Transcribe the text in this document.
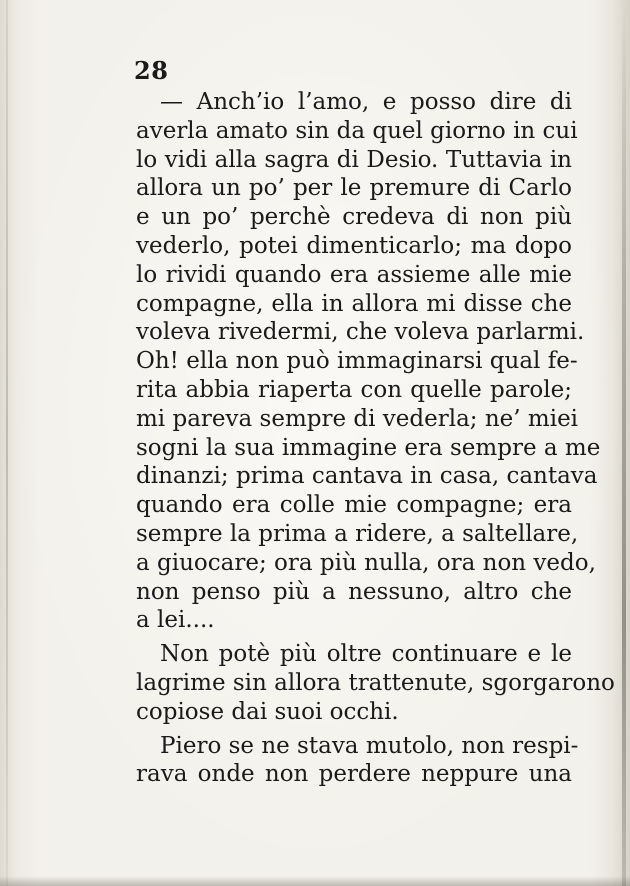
28
— Anch’io l’amo, e posso dire di
averla amato sin da quel giorno in cui
lo vidi alla sagra di Desio. Tuttavia in
allora un po’ per le premure di Carlo
e un po’ perchè credeva di non più
vederlo, potei dimenticarlo; ma dopo
lo rividi quando era assieme alle mie
compagne, ella in allora mi disse che
voleva rivedermi, che voleva parlarmi.
Oh! ella non può immaginarsi qual fe-
rita abbia riaperta con quelle parole;
mi pareva sempre di vederla; ne’ miei
sogni la sua immagine era sempre a me
dinanzi; prima cantava in casa, cantava
quando era colle mie compagne; era
sempre la prima a ridere, a saltellare,
a giuocare; ora più nulla, ora non vedo,
non penso più a nessuno, altro che
a lei....
Non potè più oltre continuare e le
lagrime sin allora trattenute, sgorgarono
copiose dai suoi occhi.
Piero se ne stava mutolo, non respi-
rava onde non perdere neppure una
